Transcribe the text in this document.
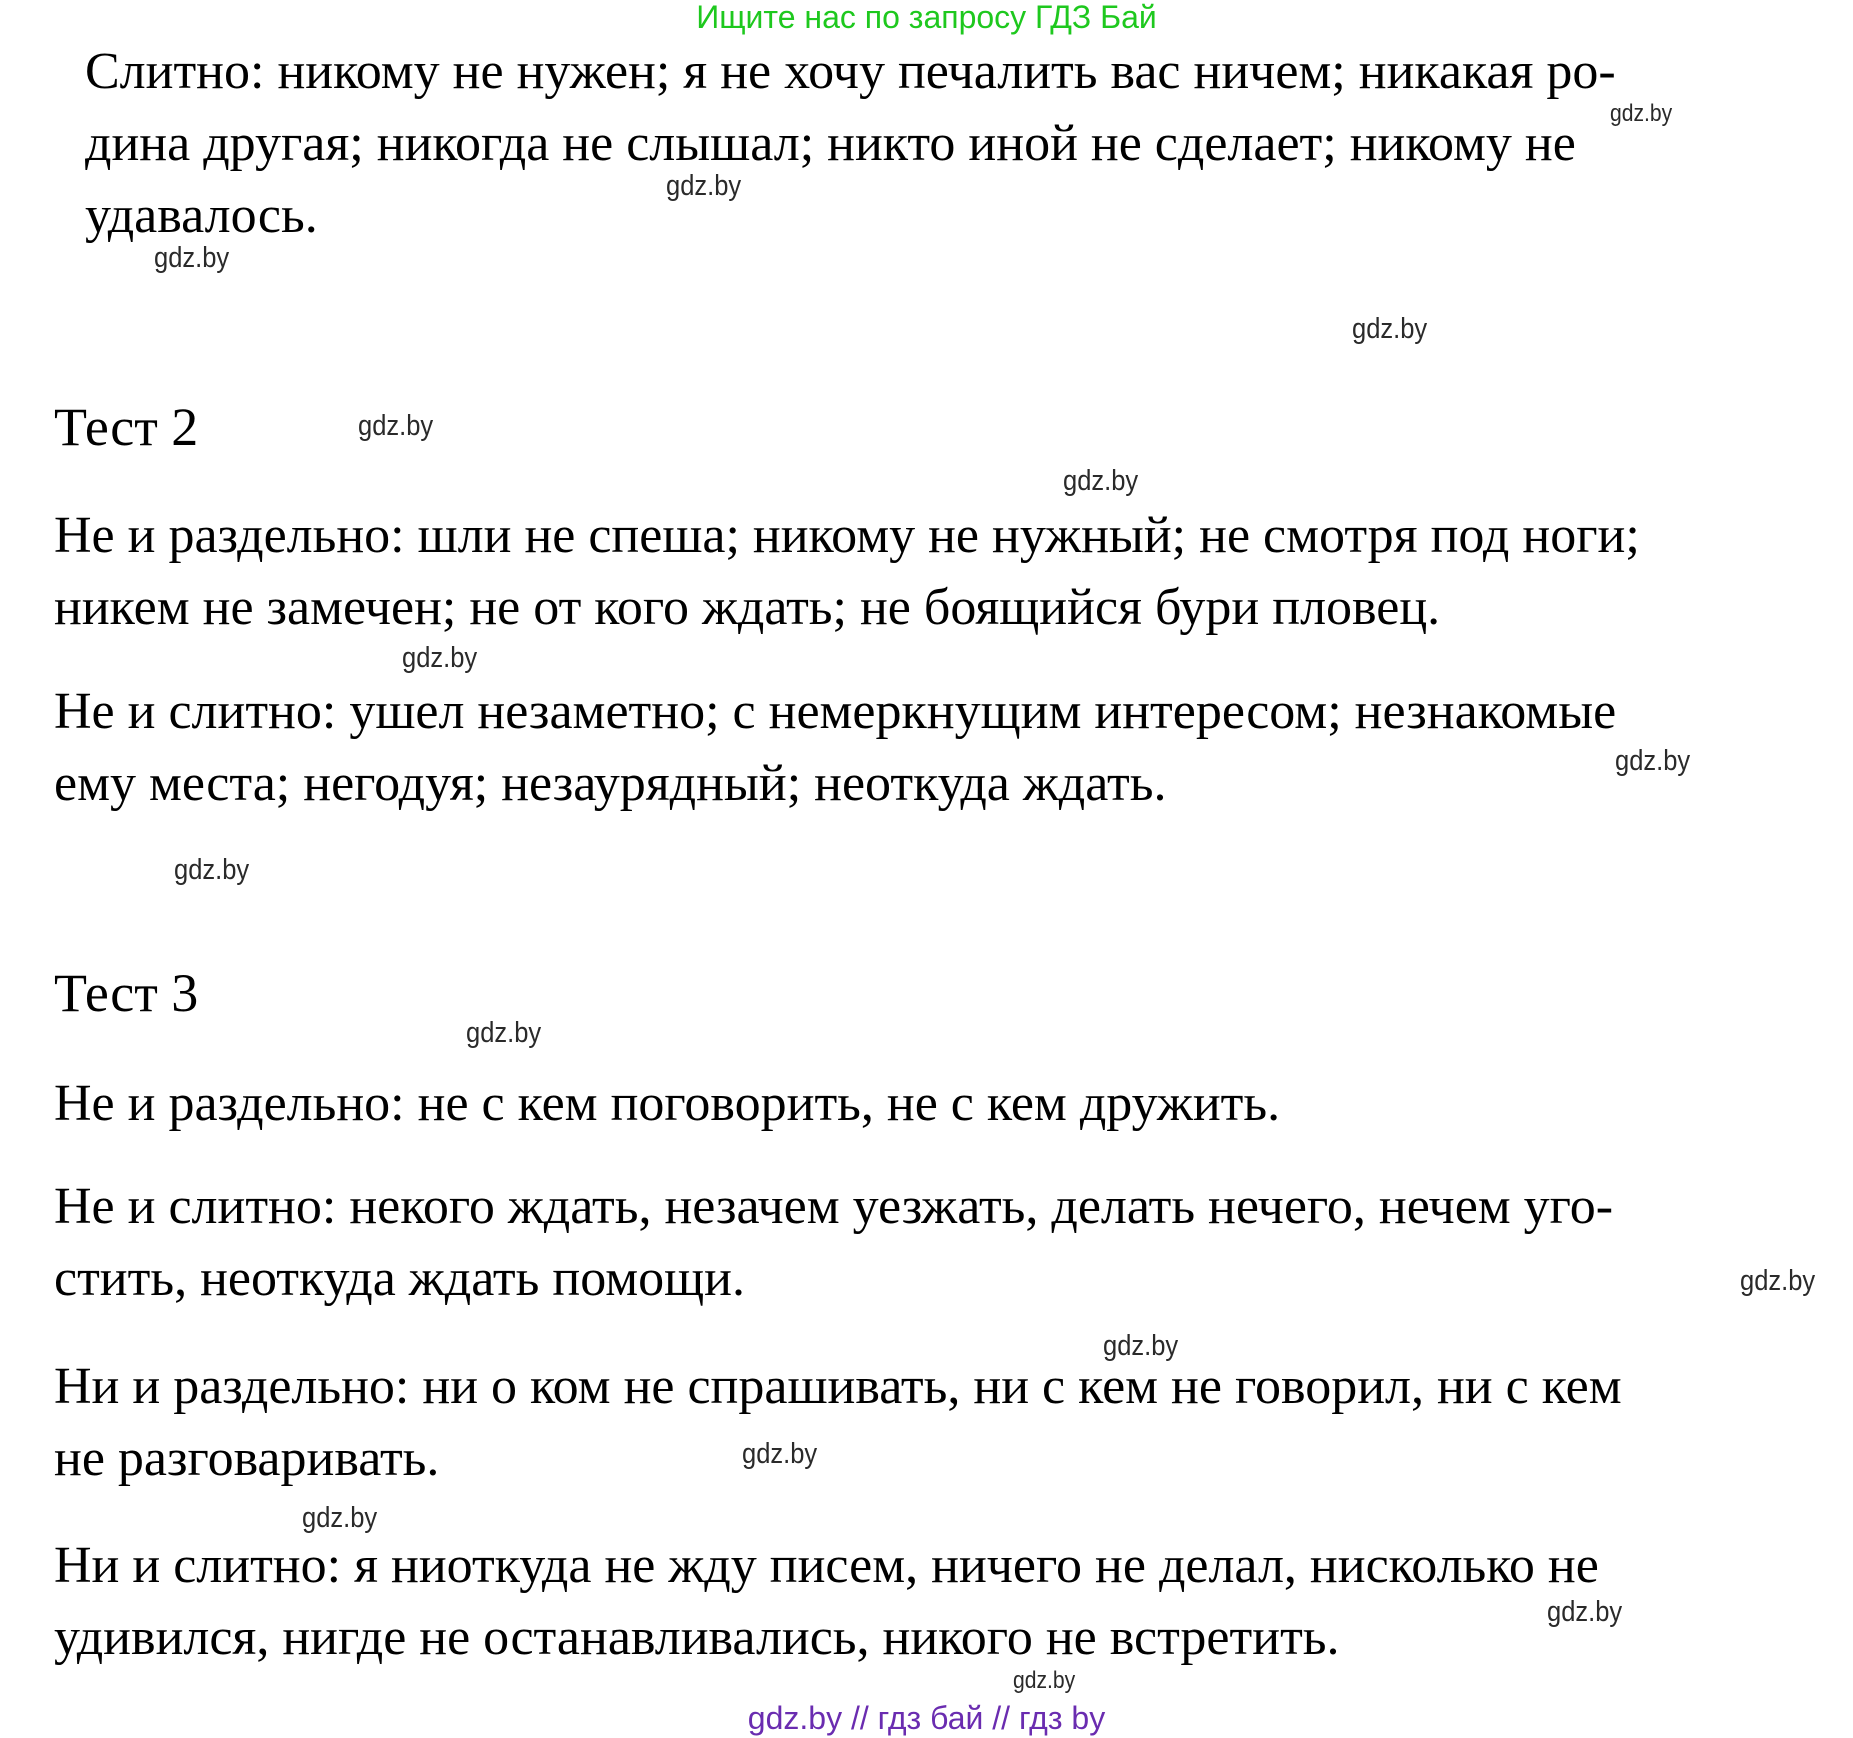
Ищите нас по запросу ГДЗ Бай
Слитно: никому не нужен; я не хочу печалить вас ничем; никакая ро-
дина другая; никогда не слышал; никто иной не сделает; никому не
удавалось.
gdz.by
gdz.by
gdz.by
gdz.by
Тест 2	gdz.by
gdz.by
Не и раздельно: шли не спеша; никому не нужный; не смотря под ноги;
никем не замечен; не от кого ждать; не боящийся бури пловец.
gdz.by
Не и слитно: ушел незаметно; с немеркнущим интересом; незнакомые
gdz.by
ему места; негодуя; незаурядный; неоткуда ждать.
gdz.by
Тест 3
gdz.by
Не и раздельно: не с кем поговорить, не с кем дружить.
Не и слитно: некого ждать, незачем уезжать, делать нечего, нечем уго-
стить, неоткуда ждать помощи.	gdz.by
gdz.by
Ни и раздельно: ни о ком не спрашивать, ни с кем не говорил, ни с кем
не разговаривать.	gdz.by
gdz.by
Ни и слитно: я ниоткуда не жду писем, ничего не делал, нисколько не
gdz.by
удивился, нигде не останавливались, никого не встретить.
gdz.by
gdz.by // гдз бай // гдз by
